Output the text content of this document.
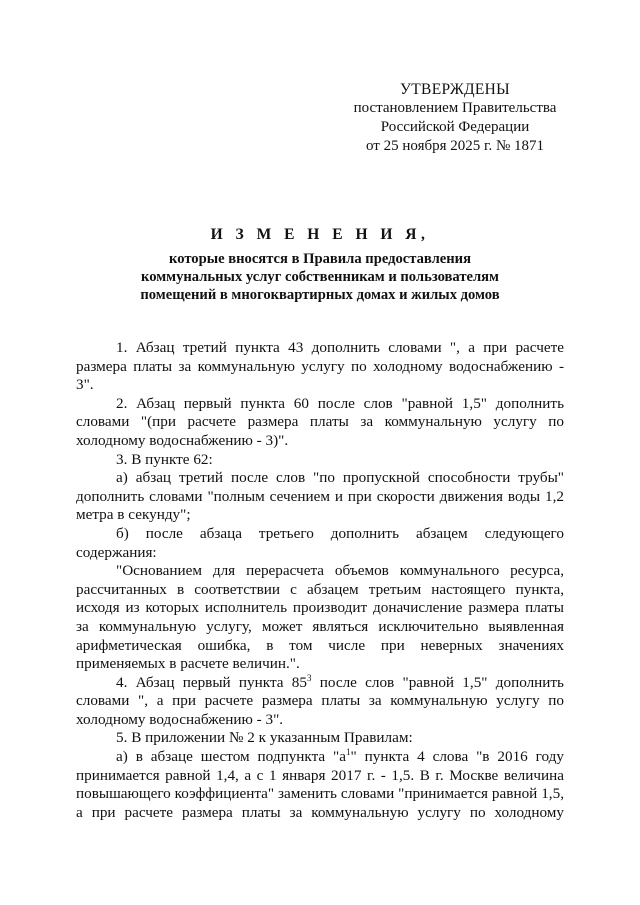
УТВЕРЖДЕНЫ
постановлением Правительства
Российской Федерации
от 25 ноября 2025 г. № 1871
И З М Е Н Е Н И Я,
которые вносятся в Правила предоставления
коммунальных услуг собственникам и пользователям
помещений в многоквартирных домах и жилых домов

1. Абзац третий пункта 43 дополнить словами ", а при расчете размера платы за коммунальную услугу по холодному водоснабжению - 3".

2. Абзац первый пункта 60 после слов "равной 1,5" дополнить словами "(при расчете размера платы за коммунальную услугу по холодному водоснабжению - 3)".

3. В пункте 62:

а) абзац третий после слов "по пропускной способности трубы" дополнить словами "полным сечением и при скорости движения воды 1,2 метра в секунду";

б) после абзаца третьего дополнить абзацем следующего содержания:

"Основанием для перерасчета объемов коммунального ресурса, рассчитанных в соответствии с абзацем третьим настоящего пункта, исходя из которых исполнитель производит доначисление размера платы за коммунальную услугу, может являться исключительно выявленная арифметическая ошибка, в том числе при неверных значениях применяемых в расчете величин.".

4. Абзац первый пункта $85^3$ после слов "равной 1,5" дополнить словами ", а при расчете размера платы за коммунальную услугу по холодному водоснабжению - 3".

5. В приложении № 2 к указанным Правилам:

а) в абзаце шестом подпункта "$а^1$" пункта 4 слова "в 2016 году принимается равной 1,4, а с 1 января 2017 г. - 1,5. В г. Москве величина повышающего коэффициента" заменить словами "принимается равной 1,5, а при расчете размера платы за коммунальную услугу по холодному
